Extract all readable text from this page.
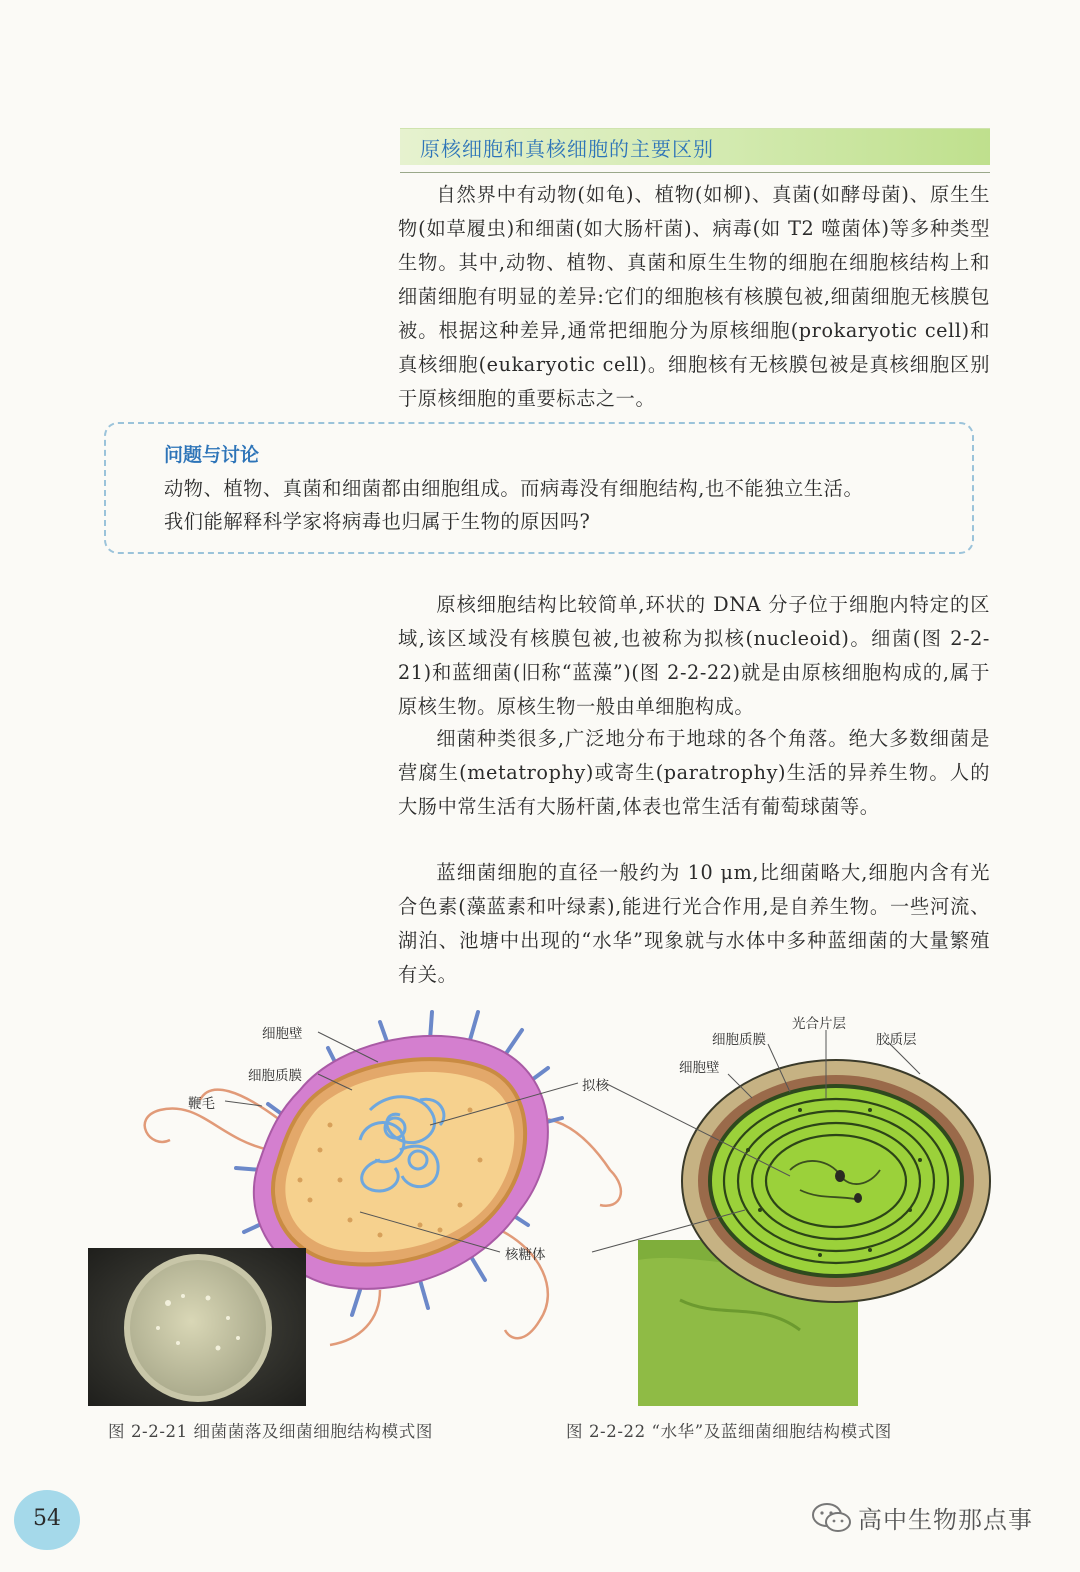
原核细胞和真核细胞的主要区别

自然界中有动物(如龟)、植物(如柳)、真菌(如酵母菌)、原生生物(如草履虫)和细菌(如大肠杆菌)、病毒(如 T2 噬菌体)等多种类型生物。其中,动物、植物、真菌和原生生物的细胞在细胞核结构上和细菌细胞有明显的差异:它们的细胞核有核膜包被,细菌细胞无核膜包被。根据这种差异,通常把细胞分为原核细胞(prokaryotic cell)和真核细胞(eukaryotic cell)。细胞核有无核膜包被是真核细胞区别于原核细胞的重要标志之一。

问题与讨论
动物、植物、真菌和细菌都由细胞组成。而病毒没有细胞结构,也不能独立生活。
我们能解释科学家将病毒也归属于生物的原因吗?

原核细胞结构比较简单,环状的 DNA 分子位于细胞内特定的区域,该区域没有核膜包被,也被称为拟核(nucleoid)。细菌(图 2-2-21)和蓝细菌(旧称“蓝藻”)(图 2-2-22)就是由原核细胞构成的,属于原核生物。原核生物一般由单细胞构成。

细菌种类很多,广泛地分布于地球的各个角落。绝大多数细菌是营腐生(metatrophy)或寄生(paratrophy)生活的异养生物。人的大肠中常生活有大肠杆菌,体表也常生活有葡萄球菌等。

蓝细菌细胞的直径一般约为 10 μm,比细菌略大,细胞内含有光合色素(藻蓝素和叶绿素),能进行光合作用,是自养生物。一些河流、湖泊、池塘中出现的“水华”现象就与水体中多种蓝细菌的大量繁殖有关。

细胞壁
细胞质膜
鞭毛
拟核
核糖体
光合片层
细胞质膜	胶质层
细胞壁
图 2-2-21 细菌菌落及细菌细胞结构模式图	图 2-2-22 “水华”及蓝细菌细胞结构模式图
54	高中生物那点事
